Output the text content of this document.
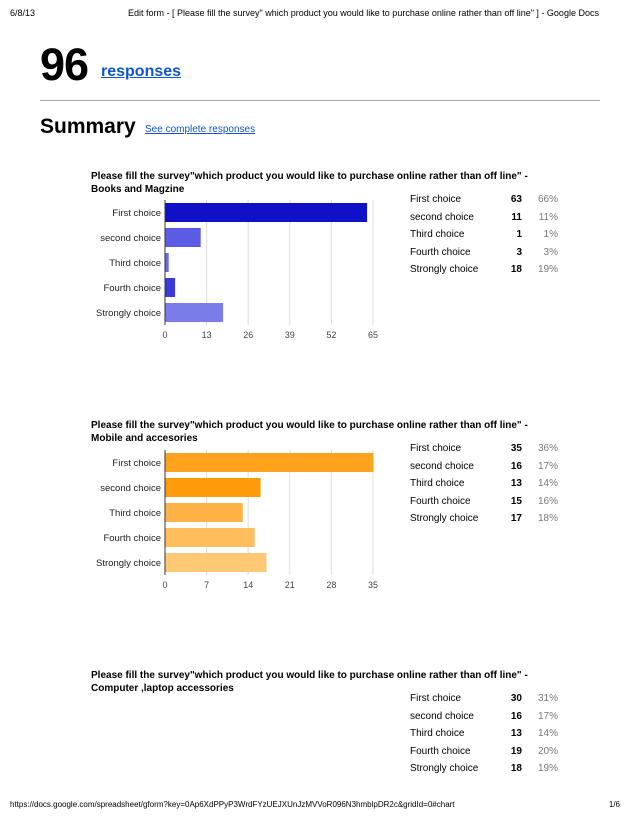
6/8/13	Edit form - [ Please fill the survey" which product you would like to purchase online rather than off line" ] - Google Docs
96 responses
Summary See complete responses
Please fill the survey"which product you would like to purchase online rather than off line" - Books and Magzine
0	13	26	39	52	65
First choice
second choice
Third choice
Fourth choice
Strongly choice
First choice	63	66%
second choice	11	11%
Third choice	1	1%
Fourth choice	3	3%
Strongly choice	18	19%
Please fill the survey"which product you would like to purchase online rather than off line" - Mobile and accesories
0	7	14	21	28	35
First choice
second choice
Third choice
Fourth choice
Strongly choice
First choice	35	36%
second choice	16	17%
Third choice	13	14%
Fourth choice	15	16%
Strongly choice	17	18%
Please fill the survey"which product you would like to purchase online rather than off line" - Computer ,laptop accessories
First choice	30	31%
second choice	16	17%
Third choice	13	14%
Fourth choice	19	20%
Strongly choice	18	19%
https://docs.google.com/spreadsheet/gform?key=0Ap6XdPPyP3WrdFYzUEJXUnJzMVVoR096N3hmblpDR2c&gridId=0#chart	1/6
